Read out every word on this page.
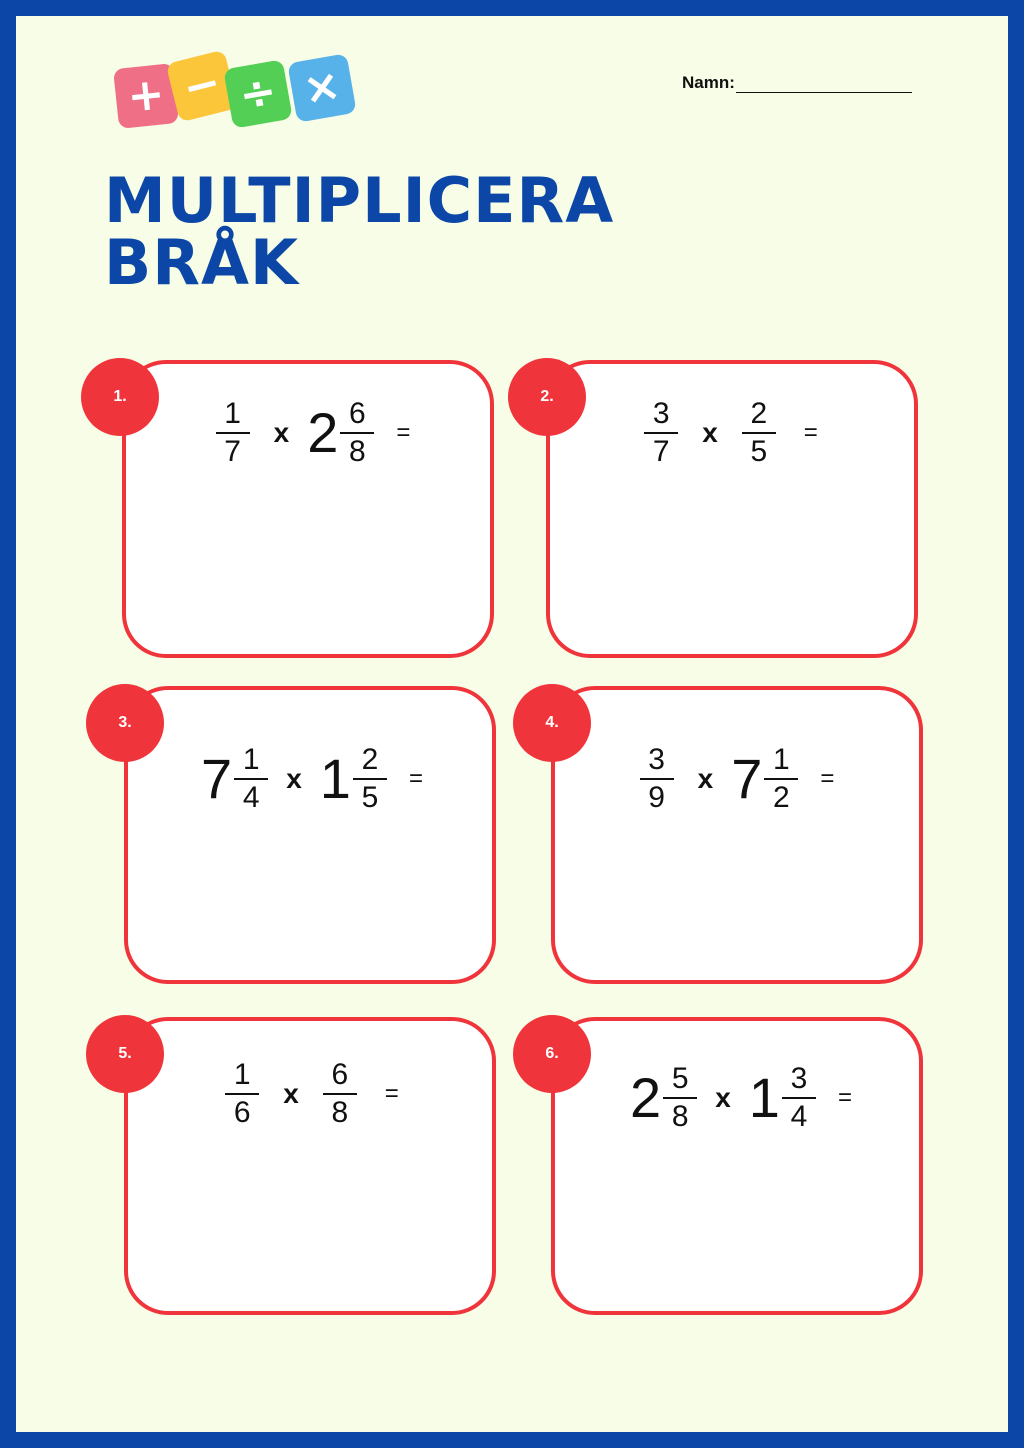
+ − ÷ ×	Namn:
MULTIPLICERA
BRÅK
$\frac{1}{7}$ x $2 \frac{6}{8}$ =
1.
$\frac{3}{7}$ x $\frac{2}{5}$ =
2.
$7 \frac{1}{4}$ x $1 \frac{2}{5}$ =
3.
$\frac{3}{9}$ x $7 \frac{1}{2}$ =
4.
$\frac{1}{6}$ x $\frac{6}{8}$ =
5.
$2 \frac{5}{8}$ x $1 \frac{3}{4}$ =
6.
